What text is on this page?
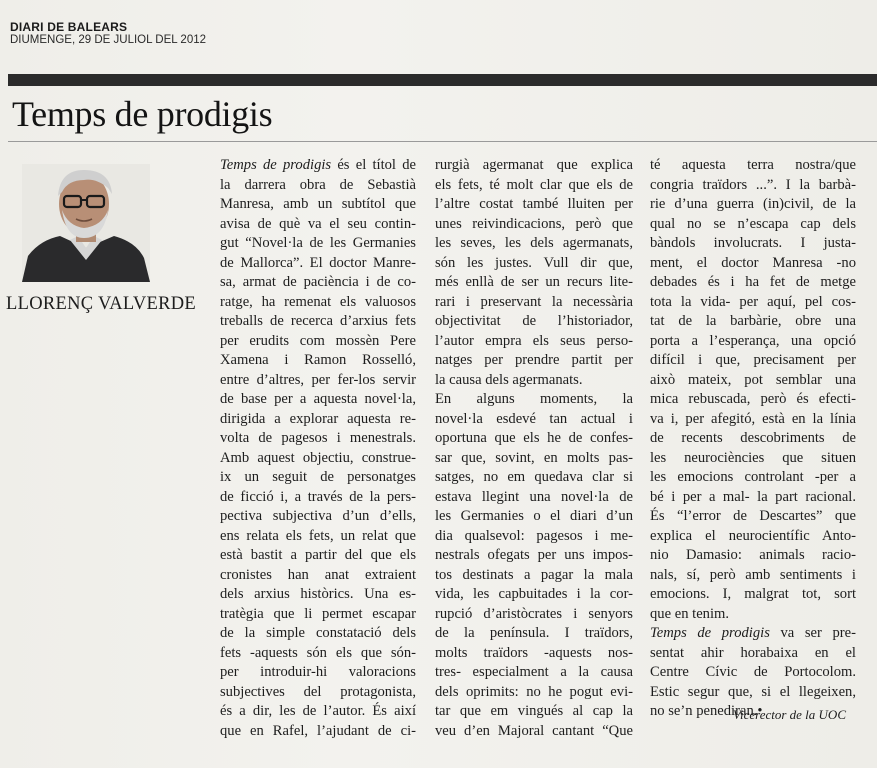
DIARI DE BALEARS
DIUMENGE, 29 DE JULIOL DEL 2012
Temps de prodigis
LLORENÇ VALVERDE
Temps de prodigis és el títol de
la darrera obra de Sebastià
Manresa, amb un subtítol que
avisa de què va el seu contin-
gut “Novel·la de les Germanies
de Mallorca”. El doctor Manre-
sa, armat de paciència i de co-
ratge, ha remenat els valuosos
treballs de recerca d’arxius fets
per erudits com mossèn Pere
Xamena i Ramon Rosselló,
entre d’altres, per fer-los servir
de base per a aquesta novel·la,
dirigida a explorar aquesta re-
volta de pagesos i menestrals.
Amb aquest objectiu, construe-
ix un seguit de personatges
de ficció i, a través de la pers-
pectiva subjectiva d’un d’ells,
ens relata els fets, un relat que
està bastit a partir del que els
cronistes han anat extraient
dels arxius històrics. Una es-
tratègia que li permet escapar
de la simple constatació dels
fets -aquests són els que són-
per introduir-hi valoracions
subjectives del protagonista,
és a dir, les de l’autor. És així
que en Rafel, l’ajudant de ci-
rurgià agermanat que explica
els fets, té molt clar que els de
l’altre costat també lluiten per
unes reivindicacions, però que
les seves, les dels agermanats,
són les justes. Vull dir que,
més enllà de ser un recurs lite-
rari i preservant la necessària
objectivitat de l’historiador,
l’autor empra els seus perso-
natges per prendre partit per
la causa dels agermanats.
En alguns moments, la
novel·la esdevé tan actual i
oportuna que els he de confes-
sar que, sovint, en molts pas-
satges, no em quedava clar si
estava llegint una novel·la de
les Germanies o el diari d’un
dia qualsevol: pagesos i me-
nestrals ofegats per uns impos-
tos destinats a pagar la mala
vida, les capbuitades i la cor-
rupció d’aristòcrates i senyors
de la península. I traïdors,
molts traïdors -aquests nos-
tres- especialment a la causa
dels oprimits: no he pogut evi-
tar que em vingués al cap la
veu d’en Majoral cantant “Que
té aquesta terra nostra/que
congria traïdors ...”. I la barbà-
rie d’una guerra (in)civil, de la
qual no se n’escapa cap dels
bàndols involucrats. I justa-
ment, el doctor Manresa -no
debades és i ha fet de metge
tota la vida- per aquí, pel cos-
tat de la barbàrie, obre una
porta a l’esperança, una opció
difícil i que, precisament per
això mateix, pot semblar una
mica rebuscada, però és efecti-
va i, per afegitó, està en la línia
de recents descobriments de
les neurociències que situen
les emocions controlant -per a
bé i per a mal- la part racional.
És “l’error de Descartes” que
explica el neurocientífic Anto-
nio Damasio: animals racio-
nals, sí, però amb sentiments i
emocions. I, malgrat tot, sort
que en tenim.
Temps de prodigis va ser pre-
sentat ahir horabaixa en el
Centre Cívic de Portocolom.
Estic segur que, si el llegeixen,
no se’n penediran.•
Vicerector de la UOC
